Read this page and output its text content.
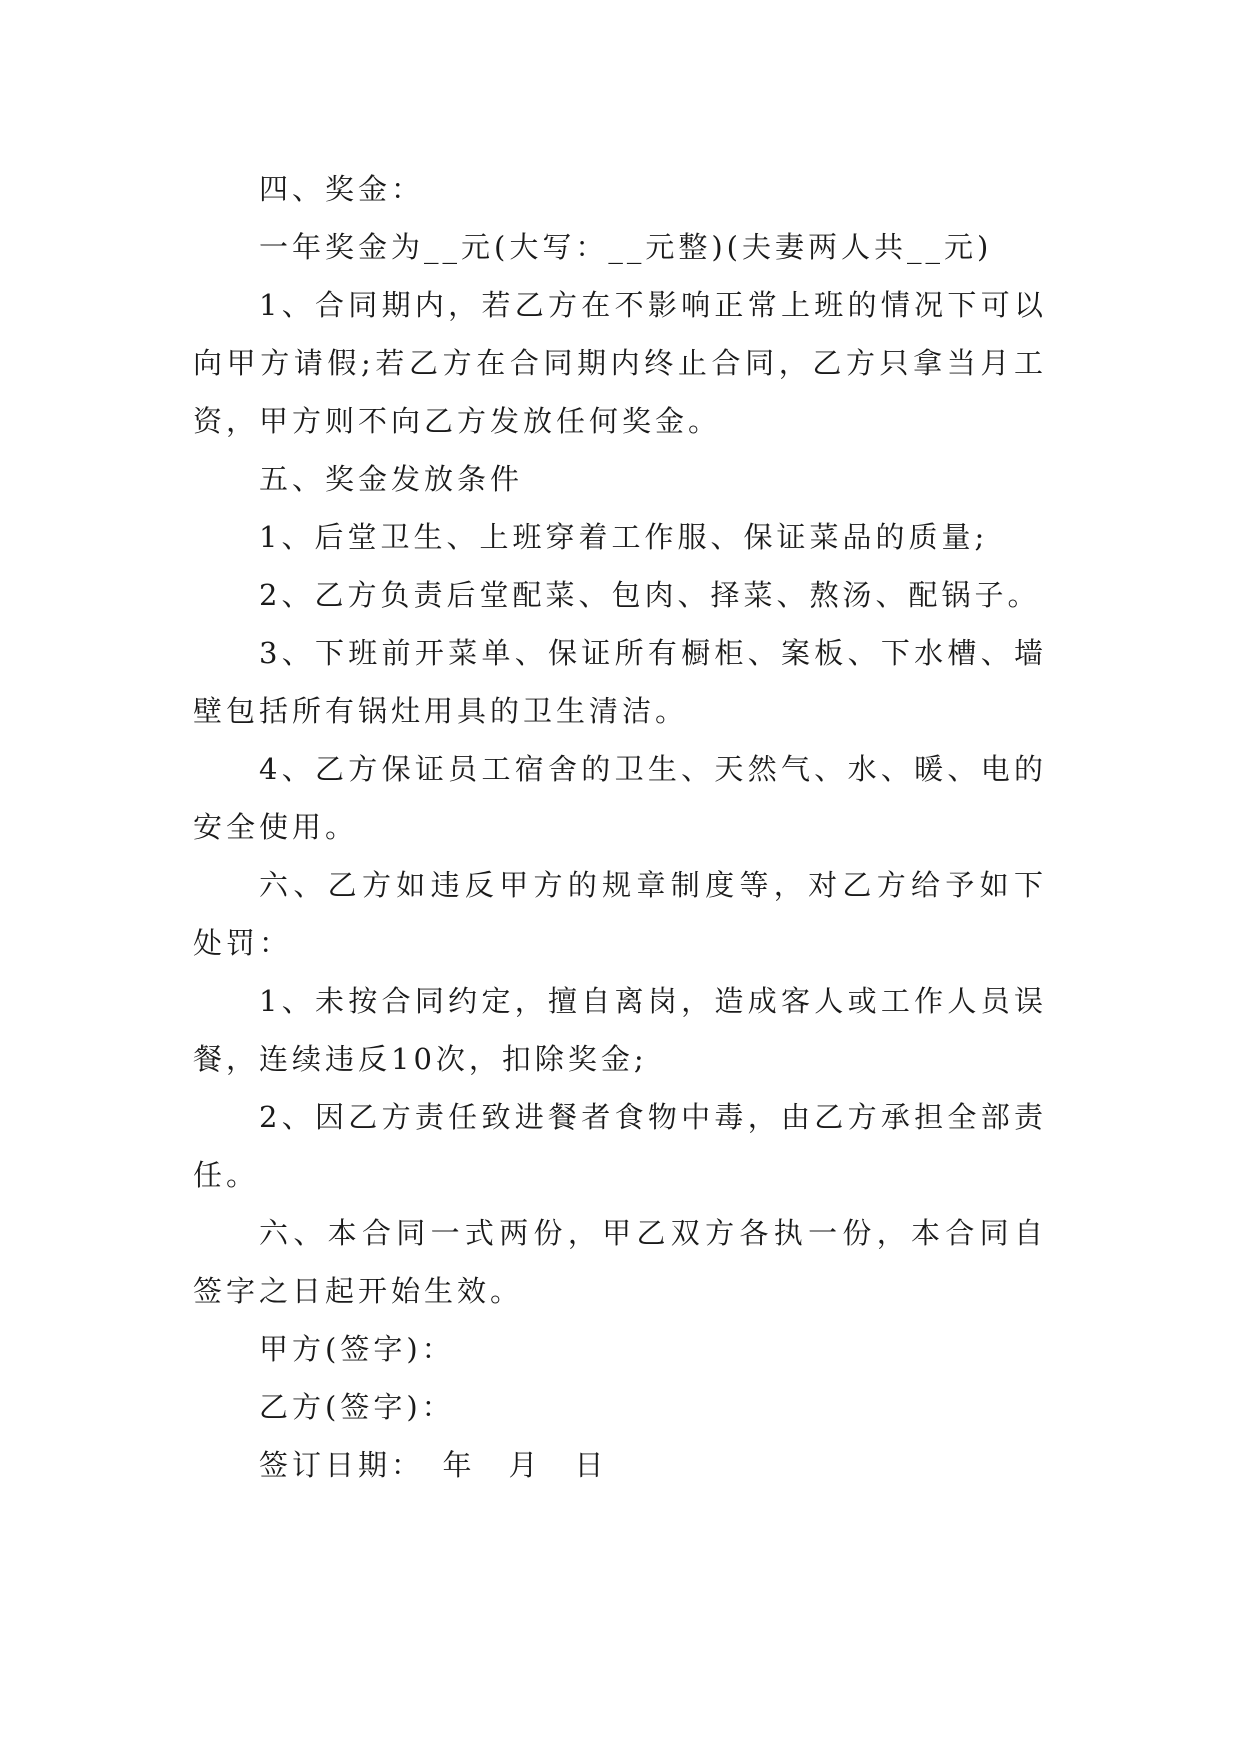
四、奖金：

一年奖金为__元(大写：__元整)(夫妻两人共__元)

1、合同期内，若乙方在不影响正常上班的情况下可以向甲方请假;若乙方在合同期内终止合同，乙方只拿当月工资，甲方则不向乙方发放任何奖金。

五、奖金发放条件

1、后堂卫生、上班穿着工作服、保证菜品的质量;

2、乙方负责后堂配菜、包肉、择菜、熬汤、配锅子。

3、下班前开菜单、保证所有橱柜、案板、下水槽、墙壁包括所有锅灶用具的卫生清洁。

4、乙方保证员工宿舍的卫生、天然气、水、暖、电的安全使用。

六、乙方如违反甲方的规章制度等，对乙方给予如下处罚：

1、未按合同约定，擅自离岗，造成客人或工作人员误餐，连续违反10次，扣除奖金;

2、因乙方责任致进餐者食物中毒，由乙方承担全部责任。

六、本合同一式两份，甲乙双方各执一份，本合同自签字之日起开始生效。

甲方(签字)：

乙方(签字)：

签订日期：　年　月　日
